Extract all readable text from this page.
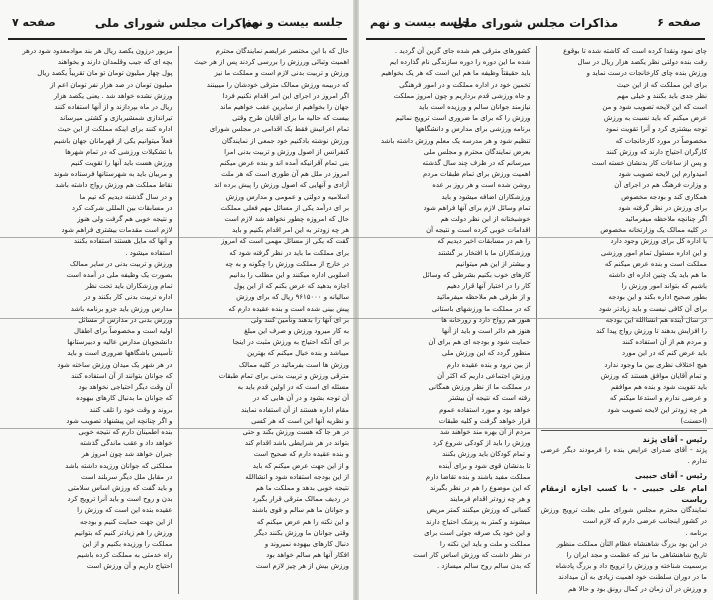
جلسه بیست و نهم
مذاکرات مجلس شورای ملی
صفحه ۷
حال که با این مختصر عرایضم نمایندگان محترم
اهمیت وتبائی وررزش را بررسی کردند پس از هر حیث
ورزش و تربیت بدنی لازم است و مملکت ما نیز
که دربیمه ورزش ممالک مترقی خودشان را میبینند
اگر امروز در اجرای این امر اقدام نکنیم فردا
جهان را بخواهیم از سایرین عقب خواهیم ماند
بیست که حالیه ما برای آقایان طرح وقتی
تمام اعرانیش فقط یک اقدامی در مجلس شورای
ورزش نوشته بادکنیم خود جمعی از نمایندگان
کنفرانس از اصول ورزش و تربیت بدنی امرا
بنی تمام آقرانیکه آمده اند و بنده عرض میکنم
امروز در ملل هم آن طوری است که هر ملت
آزادی و آنهایی که اصول ورزش را پیش برده اند
اسلامیه و دولتی و عمومی و مدارس ورزش
بر ای درآمد یکی از مسائل مهم فعلی مملکت
حال که امروزه چطور نخواهد شد لازم است
هر چه زودتر به این امر اقدام بکنیم و باید
گفت که یکی از مسائل مهمی است که امروز
برای مملکت ما باید در نظر گرفته شود که
در خارج از مملکت ورزش را چگونه و به چه
اسلوبی اداره میکنند و این مطلب را بدانیم
اجازه بدهید که عرض بکنم که از این پول
سالیانه و ۹۶۱۵۰۰۰ ریال که برای ورزش
پیش بینی شده است و بنده عقیده دارم که
بر ای آنها را بدهند وتأمین کنند ولی
به کار میرود ورزش و صرف این مبلغ
بر ای آنکه احتیاج به ورزش مثبت در اینجا
میباشد و بنده خیال میکنم که بهترین
ورزش ها است بفرمائید در کلیه ممالک
مترقی ورزش و تربیت بدنی برای تمام طبقات
مسئله ای است که در اولین قدم باید به
آن توجه بشود و در آن هایی که در
مقام اداره هستند از آن استفاده نمایند
و نظریه آنها این است که هر کسی
در هر جا که هست ورزش بکند و حتی
بتواند در هر شرایطی باشد اقدام کند
و بنده عقیده دارم که صحیح است
و از این جهت عرض میکنم که باید
از این بودجه استفاده شود و انشاالله
نتیجه خوبی بدهد و مملکت ما هم
در ردیف ممالک مترقی قرار بگیرد
و جوانان ما هم سالم و قوی باشند
و این نکته را هم عرض میکنم که
وقتی جوانان ما ورزش بکنند دیگر
دنبال کارهای بیهوده نمیروند و
افکار آنها هم سالم خواهد بود
ورزش بیش از هر چیز لازم است
مزبور درزون یکصد ریال هر بند موادمعدود شود درهر
بچه ای که جیب وقلمدان دارند و بخواهند
پول چهار میلیون تومان تو مان تقریباً یکصد ریال
میلیون تومان در صد هزار نفر تومان اعم از
ورزش نشده خواهد شد . یعنی یکصد هزار
ریال در ماه بپردازند و از آنها استفاده کنند
تیراندازی شمشیربازی و کشتی میرساند
اداره کنند برای اینکه مملکت از این حیث
فعلاً میتوانیم یکی از قهرمانان جهان باشیم
با تشکیلات ورزشی که در تمام شهرها
ورزش هست باید آنها را تقویت کنیم
و مربیان باید به شهرستانها فرستاده شوند
نقاط مملکت هم ورزش رواج داشته باشد
و در سال گذشته دیدیم که تیم ما
در مسابقات بین المللی شرکت کرد
و نتیجه خوبی هم گرفت ولی هنوز
لازم است مقدمات بیشتری فراهم شود
و آنها که مایل هستند استفاده بکنند
استفاده میشود .
ورزش و تربیت بدنی در سایر ممالک
بصورت یک وظیفه ملی در آمده است
تمام ورزشکاران باید تحت نظر
اداره تربیت بدنی کار بکنند و در
مدارس ورزش باید جزو برنامه باشد
ورزش بدنی در مدارس از مسائل
اولیه است و مخصوصاً برای اطفال
دانشجویان مدارس عالیه و دبیرستانها
تأسیس باشگاهها ضروری است و باید
در هر شهر یک میدان ورزش ساخته شود
که جوانان بتوانند از آن استفاده کنند
آن وقت دیگر احتیاجی نخواهد بود
که جوانان ما بدنبال کارهای بیهوده
بروند و وقت خود را تلف کنند
و اگر چنانچه این پیشنهاد تصویب شود
بنده اطمینان دارم که نتیجه خوبی
خواهد داد و عقب ماندگی گذشته
جبران خواهد شد چون امروز هر
مملکتی که جوانان ورزیده داشته باشد
در مقابل ملل دیگر سربلند است
و باید گفت که ورزش اساس سلامتی
بدن و روح است و باید آنرا ترویج کرد
عقیده بنده این است که ورزش را
از این جهت حمایت کنیم و بودجه
ورزش را هم زیادتر کنیم که بتوانیم
مملکت را ورزیده بکنیم و از این
راه خدمتی به مملکت کرده باشیم
احتیاج داریم و آن ورزش است
صفحه ۶
مذاکرات مجلس شورای ملی
جلسه بیست و نهم
چای نمود ونقدا کرده است که کاشته شده تا بوقوع
رفت بنده دولتی نظر یکصد هزار ریال در سال
ورزش بنده چای کارخانجات درست نماید و
برای این مملکت که از این حیث
نظر جدی باید بکنند و خیلی مهم
است که این لایحه تصویب شود و من
عرض میکنم که باید نسبت به ورزش
توجه بیشتری کرد و آنرا تقویت نمود
مخصوصاً در مورد کارخانجات که
کارگران احتیاج دارند که ورزش کنند
و پس از ساعات کار بدنشان خسته است
امیدوارم این لایحه تصویب شود
و وزارت فرهنگ هم در اجرای آن
همکاری کند و بودجه مخصوص
برای ورزش در نظر گرفته شود
اگر چنانچه ملاحظه میفرمائید
در کلیه ممالک یک وزارتخانه مخصوص
یا اداره کل برای ورزش وجود دارد
و این اداره مسئول تمام امور ورزشی
مملکت است و بنده عرض میکنم که
ما هم باید یک چنین اداره ای داشته
باشیم که بتواند امور ورزش را
بطور صحیح اداره بکند و این بودجه
برای آن کافی نیست و باید زیادتر شود
در سال آینده هم انشاالله این بودجه
را افزایش بدهند تا ورزش رواج پیدا کند
و مردم هم از آن استفاده کنند
باید عرض کنم که در این مورد
هیچ اختلاف نظری بین ما وجود ندارد
و تمام آقایان موافق هستند که ورزش
باید تقویت شود و بنده هم موافقم
و عرضی ندارم و استدعا میکنم که
هر چه زودتر این لایحه تصویب شود
(احسنت)
رئیس - آقای پژند
پژند - آقای صدرای عرایض بنده را فرمودند دیگر عرضی ندارم .
رئیس - آقای حبیبی
امام علی حبیبی - با کسب اجازه ازمقام ریاست
نمایندگان محترم مجلس شورای ملی بعلت ترویج ورزش در کشور اینجانب عرضی دارم که لازم است
برنامه .
در این بود بزرگ شاهنشاه عظام الثأن مملکت منظور
تاریخ شاهنشاهی ما نیز که عظمت و مجد ایران را
برسمیت شناخته و ورزش را ترویج داد و بزرگ پادشاه
ما در دوران سلطنت خود اهمیت زیادی به آن میدادند
و ورزش در آن زمان در کمال رونق بود و حالا هم
کشورهای مترقی هم شده جای گزین آن گردید .
شده ما این دوره را دوره سازندگی نام گذارده ایم
باید حقیقتاً وظیفه ما هم این است که هر یک بخواهیم
تخمین خود در اداره مملکت و در امور فرهنگی
و جاه ورزشی قدم برداریم و چون امروز مملکت
نیازمند جوانان سالم و ورزیده است باید
ورزش را که برای ما ضروری است ترویج نمائیم
برنامه ورزشی برای مدارس و دانشگاهها
تنظیم شود و هر مدرسه یک معلم ورزش داشته باشد
بعرض نمایندگان محترم و مجلس ملی
میرسانم که در ظرف چند سال گذشته
اهمیت ورزش برای تمام طبقات مردم
روشن شده است و هر روز بر عده
ورزشکاران اضافه میشود و باید
تمام وسائل لازم برای آنها فراهم شود
خوشبختانه از این نظر دولت هم
اقدامات خوبی کرده است و نتیجه آن
را هم در مسابقات اخیر دیدیم که
ورزشکاران ما با افتخار بر گشتند
و بیشتر از این هم میتوانیم
کارهای خوب بکنیم بشرطی که وسائل
کار را در اختیار آنها قرار دهیم
و از طرفی هم ملاحظه میفرمائید
که در مملکت ما ورزشهای باستانی
هنوز هم رواج دارد و زورخانه ها
هنوز هم دائر است و باید از آنها
حمایت شود و بودجه ای هم برای آن
منظور گردد که این ورزش ملی
از بین نرود و بنده عقیده دارم
ورزش اجتماعی داریم که اکثر آن
در مملکت ما از نظر ورزش همگانی
رفته است که نتیجه آن بیشتر
خواهد بود و مورد استفاده عموم
قرار خواهد گرفت و کلیه طبقات
مردم از آن بهره مند خواهند شد
ورزش را باید از کودکی شروع کرد
و تمام کودکان باید ورزش بکنند
تا بدنشان قوی شود و برای آینده
مملکت مفید باشند و بنده تقاضا دارم
که این موضوع را هم در نظر بگیرند
و هر چه زودتر اقدام فرمایند
کسانی که ورزش میکنند کمتر مریض
میشوند و کمتر به پزشک احتیاج دارند
و این خود یک صرفه جوئی است برای
مملکت و ملت و باید این نکته را
در نظر داشت که ورزش اساس کار است
که بدن سالم روح سالم میسازد .
